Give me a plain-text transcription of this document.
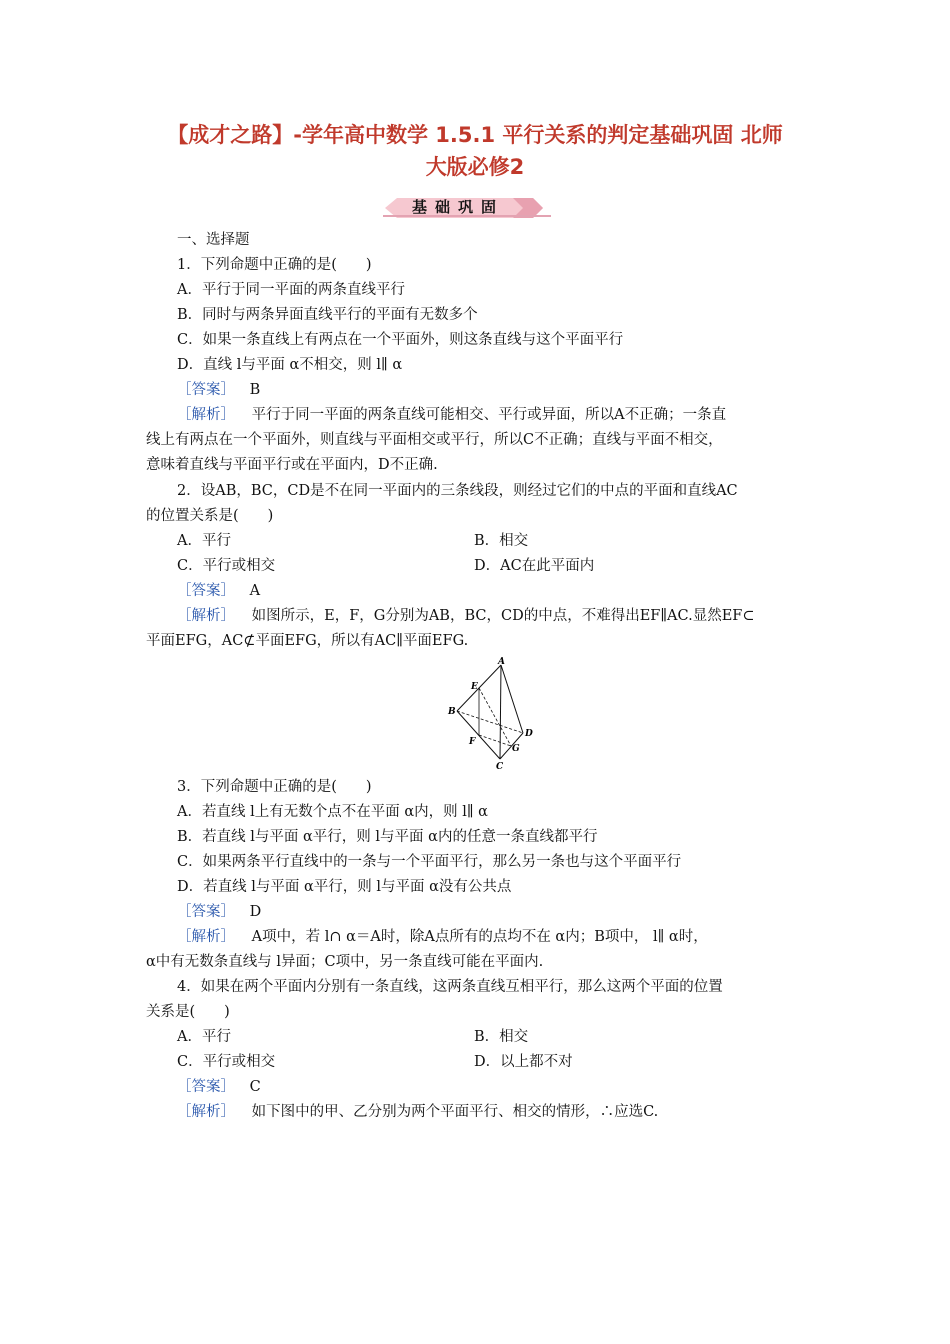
【成才之路】-学年高中数学 1.5.1 平行关系的判定基础巩固 北师
大版必修2
基础巩固
一、选择题
1．下列命题中正确的是(　　)
A．平行于同一平面的两条直线平行
B．同时与两条异面直线平行的平面有无数多个
C．如果一条直线上有两点在一个平面外，则这条直线与这个平面平行
D．直线 l与平面 α不相交，则 l∥ α
［答案］ B
［解析］ 平行于同一平面的两条直线可能相交、平行或异面，所以A不正确；一条直
线上有两点在一个平面外，则直线与平面相交或平行，所以C不正确；直线与平面不相交，
意味着直线与平面平行或在平面内，D不正确.
2．设AB，BC，CD是不在同一平面内的三条线段，则经过它们的中点的平面和直线AC
的位置关系是(　　)
A．平行	B．相交
C．平行或相交	D．AC在此平面内
［答案］ A
［解析］ 如图所示，E，F，G分别为AB，BC，CD的中点，不难得出EF∥AC.显然EF⊂
平面EFG，AC⊄平面EFG，所以有AC∥平面EFG.
A
E
B
F
D
G
C
3．下列命题中正确的是(　　)
A．若直线 l上有无数个点不在平面 α内，则 l∥ α
B．若直线 l与平面 α平行，则 l与平面 α内的任意一条直线都平行
C．如果两条平行直线中的一条与一个平面平行，那么另一条也与这个平面平行
D．若直线 l与平面 α平行，则 l与平面 α没有公共点
［答案］ D
［解析］ A项中，若 l∩ α＝A时，除A点所有的点均不在 α内；B项中， l∥ α时，
α中有无数条直线与 l异面；C项中，另一条直线可能在平面内.
4．如果在两个平面内分别有一条直线，这两条直线互相平行，那么这两个平面的位置
关系是(　　)
A．平行	B．相交
C．平行或相交	D．以上都不对
［答案］ C
［解析］ 如下图中的甲、乙分别为两个平面平行、相交的情形，∴应选C.
